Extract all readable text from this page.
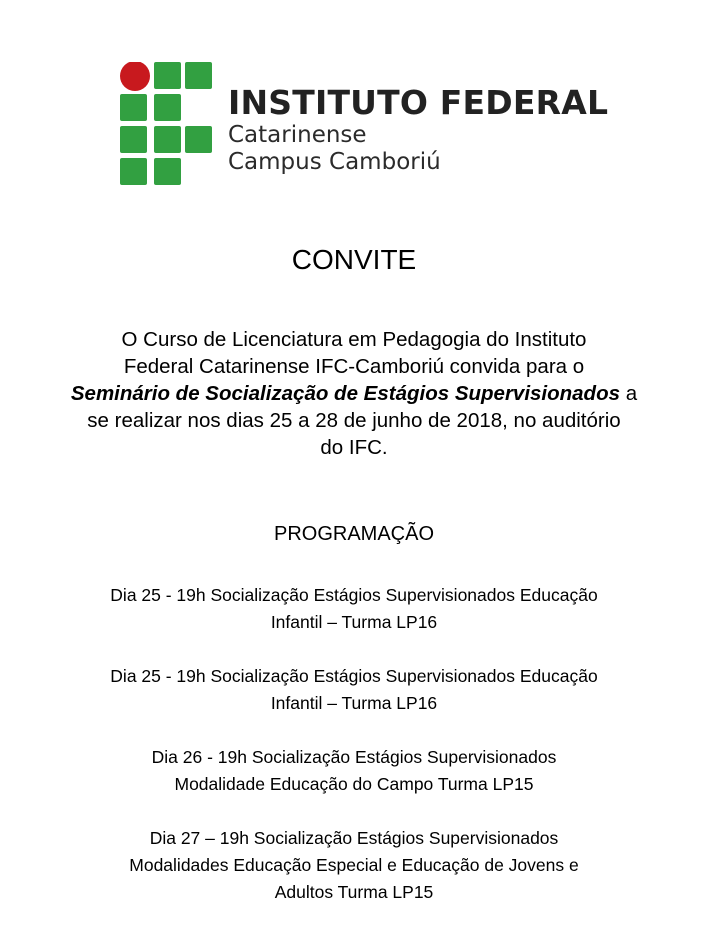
INSTITUTO FEDERAL
Catarinense
Campus Camboriú
CONVITE
O Curso de Licenciatura em Pedagogia do Instituto
Federal Catarinense IFC-Camboriú convida para o
Seminário de Socialização de Estágios Supervisionados a
se realizar nos dias 25 a 28 de junho de 2018, no auditório
do IFC.
PROGRAMAÇÃO
Dia 25 - 19h Socialização Estágios Supervisionados Educação
Infantil – Turma LP16
Dia 25 - 19h Socialização Estágios Supervisionados Educação
Infantil – Turma LP16
Dia 26 - 19h Socialização Estágios Supervisionados
Modalidade Educação do Campo Turma LP15
Dia 27 – 19h Socialização Estágios Supervisionados
Modalidades Educação Especial e Educação de Jovens e
Adultos Turma LP15
